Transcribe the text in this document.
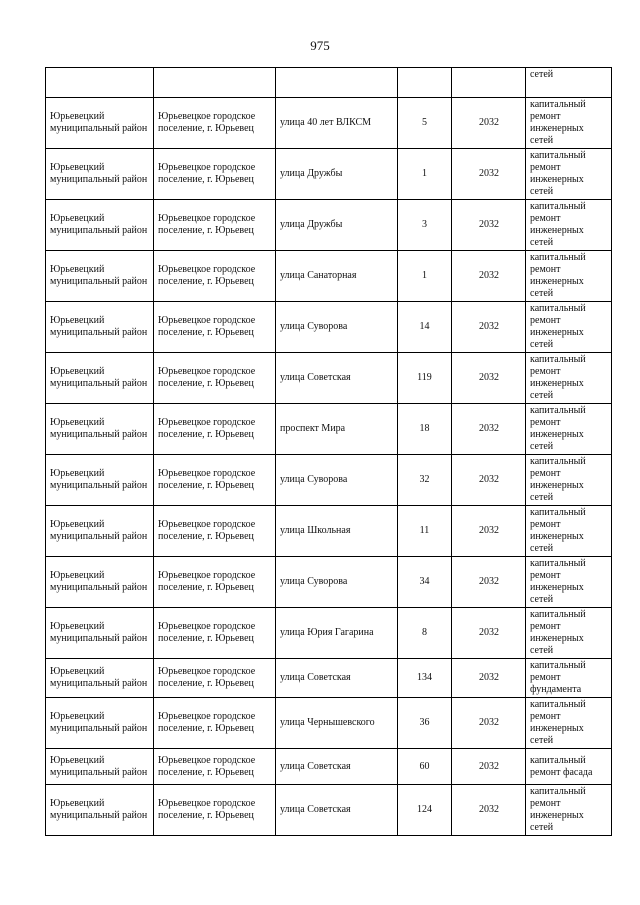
975
					сетей
Юрьевецкий муниципальный район	Юрьевецкое городское поселение, г. Юрьевец	улица 40 лет ВЛКСМ	5	2032	капитальный ремонт инженерных сетей
Юрьевецкий муниципальный район	Юрьевецкое городское поселение, г. Юрьевец	улица Дружбы	1	2032	капитальный ремонт инженерных сетей
Юрьевецкий муниципальный район	Юрьевецкое городское поселение, г. Юрьевец	улица Дружбы	3	2032	капитальный ремонт инженерных сетей
Юрьевецкий муниципальный район	Юрьевецкое городское поселение, г. Юрьевец	улица Санаторная	1	2032	капитальный ремонт инженерных сетей
Юрьевецкий муниципальный район	Юрьевецкое городское поселение, г. Юрьевец	улица Суворова	14	2032	капитальный ремонт инженерных сетей
Юрьевецкий муниципальный район	Юрьевецкое городское поселение, г. Юрьевец	улица Советская	119	2032	капитальный ремонт инженерных сетей
Юрьевецкий муниципальный район	Юрьевецкое городское поселение, г. Юрьевец	проспект Мира	18	2032	капитальный ремонт инженерных сетей
Юрьевецкий муниципальный район	Юрьевецкое городское поселение, г. Юрьевец	улица Суворова	32	2032	капитальный ремонт инженерных сетей
Юрьевецкий муниципальный район	Юрьевецкое городское поселение, г. Юрьевец	улица Школьная	11	2032	капитальный ремонт инженерных сетей
Юрьевецкий муниципальный район	Юрьевецкое городское поселение, г. Юрьевец	улица Суворова	34	2032	капитальный ремонт инженерных сетей
Юрьевецкий муниципальный район	Юрьевецкое городское поселение, г. Юрьевец	улица Юрия Гагарина	8	2032	капитальный ремонт инженерных сетей
Юрьевецкий муниципальный район	Юрьевецкое городское поселение, г. Юрьевец	улица Советская	134	2032	капитальный ремонт фундамента
Юрьевецкий муниципальный район	Юрьевецкое городское поселение, г. Юрьевец	улица Чернышевского	36	2032	капитальный ремонт инженерных сетей
Юрьевецкий муниципальный район	Юрьевецкое городское поселение, г. Юрьевец	улица Советская	60	2032	капитальный ремонт фасада
Юрьевецкий муниципальный район	Юрьевецкое городское поселение, г. Юрьевец	улица Советская	124	2032	капитальный ремонт инженерных сетей
